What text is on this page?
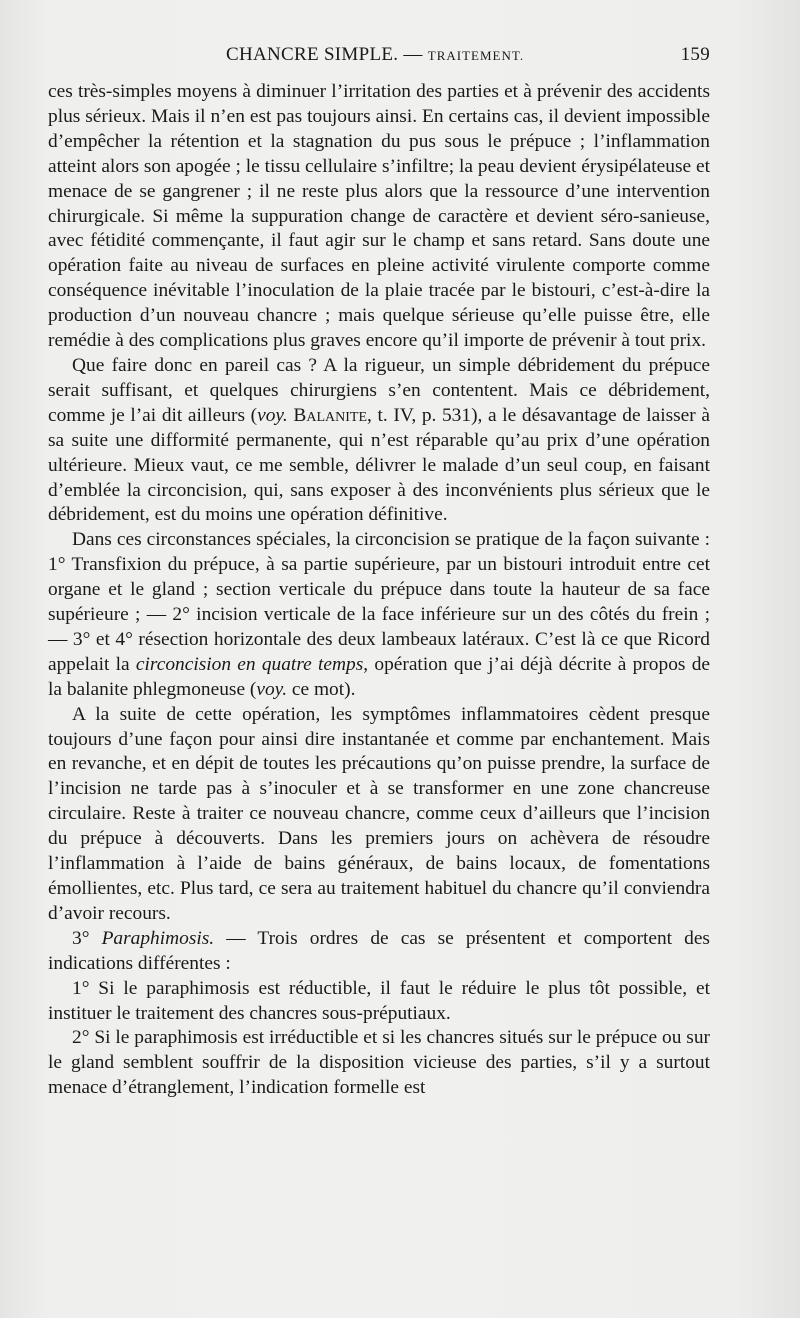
CHANCRE SIMPLE. — TRAITEMENT.	159

ces très-simples moyens à diminuer l’irritation des parties et à prévenir des accidents plus sérieux. Mais il n’en est pas toujours ainsi. En certains cas, il devient impossible d’empêcher la rétention et la stagnation du pus sous le prépuce ; l’inflammation atteint alors son apogée ; le tissu cellulaire s’infiltre; la peau devient érysipélateuse et menace de se gangrener ; il ne reste plus alors que la ressource d’une intervention chirurgicale. Si même la suppuration change de caractère et devient séro-sanieuse, avec fétidité commençante, il faut agir sur le champ et sans retard. Sans doute une opération faite au niveau de surfaces en pleine activité virulente comporte comme conséquence inévitable l’inoculation de la plaie tracée par le bistouri, c’est-à-dire la production d’un nouveau chancre ; mais quelque sérieuse qu’elle puisse être, elle remédie à des complications plus graves encore qu’il importe de prévenir à tout prix.

Que faire donc en pareil cas ? A la rigueur, un simple débridement du prépuce serait suffisant, et quelques chirurgiens s’en contentent. Mais ce débridement, comme je l’ai dit ailleurs (voy. Balanite, t. IV, p. 531), a le désavantage de laisser à sa suite une difformité permanente, qui n’est réparable qu’au prix d’une opération ultérieure. Mieux vaut, ce me semble, délivrer le malade d’un seul coup, en faisant d’emblée la circoncision, qui, sans exposer à des inconvénients plus sérieux que le débridement, est du moins une opération définitive.

Dans ces circonstances spéciales, la circoncision se pratique de la façon suivante : 1° Transfixion du prépuce, à sa partie supérieure, par un bistouri introduit entre cet organe et le gland ; section verticale du prépuce dans toute la hauteur de sa face supérieure ; — 2° incision verticale de la face inférieure sur un des côtés du frein ; — 3° et 4° résection horizontale des deux lambeaux latéraux. C’est là ce que Ricord appelait la circoncision en quatre temps, opération que j’ai déjà décrite à propos de la balanite phlegmoneuse (voy. ce mot).

A la suite de cette opération, les symptômes inflammatoires cèdent presque toujours d’une façon pour ainsi dire instantanée et comme par enchantement. Mais en revanche, et en dépit de toutes les précautions qu’on puisse prendre, la surface de l’incision ne tarde pas à s’inoculer et à se transformer en une zone chancreuse circulaire. Reste à traiter ce nouveau chancre, comme ceux d’ailleurs que l’incision du prépuce à découverts. Dans les premiers jours on achèvera de résoudre l’inflammation à l’aide de bains généraux, de bains locaux, de fomentations émollientes, etc. Plus tard, ce sera au traitement habituel du chancre qu’il conviendra d’avoir recours.

3° Paraphimosis. — Trois ordres de cas se présentent et comportent des indications différentes :

1° Si le paraphimosis est réductible, il faut le réduire le plus tôt possible, et instituer le traitement des chancres sous-préputiaux.

2° Si le paraphimosis est irréductible et si les chancres situés sur le prépuce ou sur le gland semblent souffrir de la disposition vicieuse des parties, s’il y a surtout menace d’étranglement, l’indication formelle est
